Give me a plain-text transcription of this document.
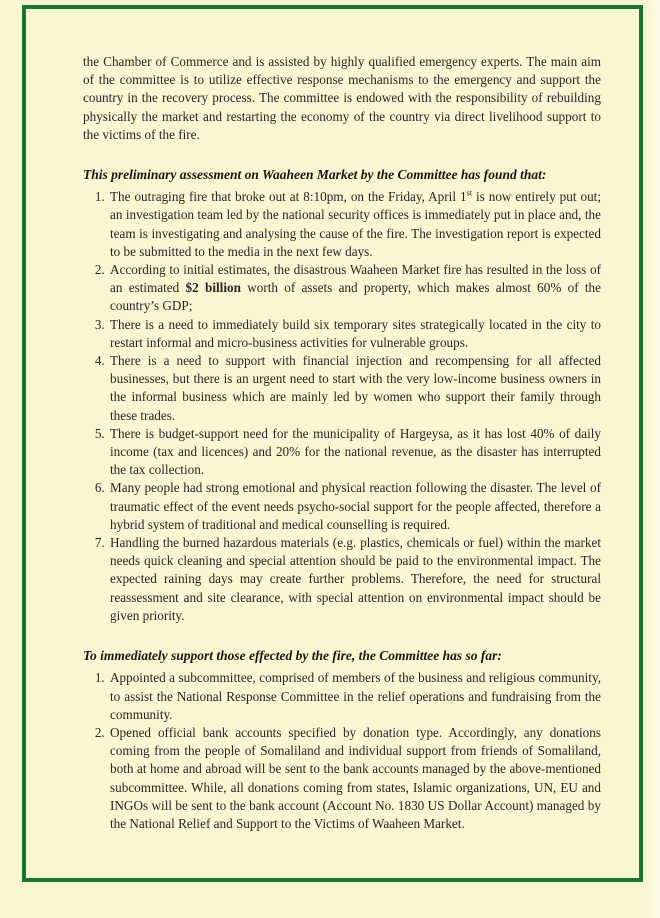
the Chamber of Commerce and is assisted by highly qualified emergency experts. The main aim of the committee is to utilize effective response mechanisms to the emergency and support the country in the recovery process. The committee is endowed with the responsibility of rebuilding physically the market and restarting the economy of the country via direct livelihood support to the victims of the fire.

This preliminary assessment on Waaheen Market by the Committee has found that:

1. The outraging fire that broke out at 8:10pm, on the Friday, April 1st is now entirely put out; an investigation team led by the national security offices is immediately put in place and, the team is investigating and analysing the cause of the fire. The investigation report is expected to be submitted to the media in the next few days.
2. According to initial estimates, the disastrous Waaheen Market fire has resulted in the loss of an estimated $2 billion worth of assets and property, which makes almost 60% of the country’s GDP;
3. There is a need to immediately build six temporary sites strategically located in the city to restart informal and micro-business activities for vulnerable groups.
4. There is a need to support with financial injection and recompensing for all affected businesses, but there is an urgent need to start with the very low-income business owners in the informal business which are mainly led by women who support their family through these trades.
5. There is budget-support need for the municipality of Hargeysa, as it has lost 40% of daily income (tax and licences) and 20% for the national revenue, as the disaster has interrupted the tax collection.
6. Many people had strong emotional and physical reaction following the disaster. The level of traumatic effect of the event needs psycho-social support for the people affected, therefore a hybrid system of traditional and medical counselling is required.
7. Handling the burned hazardous materials (e.g. plastics, chemicals or fuel) within the market needs quick cleaning and special attention should be paid to the environmental impact. The expected raining days may create further problems. Therefore, the need for structural reassessment and site clearance, with special attention on environmental impact should be given priority.

To immediately support those effected by the fire, the Committee has so far:

1. Appointed a subcommittee, comprised of members of the business and religious community, to assist the National Response Committee in the relief operations and fundraising from the community.
2. Opened official bank accounts specified by donation type. Accordingly, any donations coming from the people of Somaliland and individual support from friends of Somaliland, both at home and abroad will be sent to the bank accounts managed by the above-mentioned subcommittee. While, all donations coming from states, Islamic organizations, UN, EU and INGOs will be sent to the bank account (Account No. 1830 US Dollar Account) managed by the National Relief and Support to the Victims of Waaheen Market.
